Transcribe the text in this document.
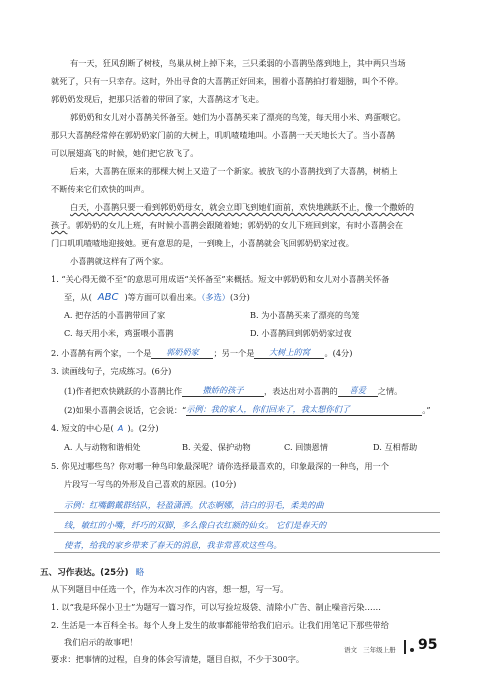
有一天，狂风刮断了树枝，鸟巢从树上掉下来，三只柔弱的小喜鹊坠落到地上，其中两只当场
就死了，只有一只幸存。这时，外出寻食的大喜鹊正好回来，围着小喜鹊拍打着翅膀，叫个不停。
郭奶奶发现后，把那只活着的带回了家，大喜鹊这才飞走。
郭奶奶和女儿对小喜鹊关怀备至。她们为小喜鹊买来了漂亮的鸟笼，每天用小米、鸡蛋喂它。
那只大喜鹊经常停在郭奶奶家门前的大树上，叽叽喳喳地叫。小喜鹊一天天地长大了。当小喜鹊
可以展翅高飞的时候，她们把它放飞了。
后来，大喜鹊在原来的那棵大树上又造了一个新家。被放飞的小喜鹊找到了大喜鹊，树梢上
不断传来它们欢快的叫声。
白天，小喜鹊只要一看到郭奶奶母女，就会立即飞到她们面前，欢快地跳跃不止，像一个撒娇的
孩子。郭奶奶的女儿上班，有时候小喜鹊会跟随着她；郭奶奶的女儿下班回到家，有时小喜鹊会在
门口叽叽喳喳地迎接她。更有意思的是，一到晚上，小喜鹊就会飞回郭奶奶家过夜。
小喜鹊就这样有了两个家。
1. “关心得无微不至”的意思可用成语“关怀备至”来概括。短文中郭奶奶和女儿对小喜鹊关怀备
至，从( ABC )等方面可以看出来。（多选）(3分)
A. 把存活的小喜鹊带回了家	B. 为小喜鹊买来了漂亮的鸟笼
C. 每天用小米，鸡蛋喂小喜鹊	D. 小喜鹊回到郭奶奶家过夜
2. 小喜鹊有两个家，一个是 郭奶奶家 ；另一个是 大树上的窝 。(4分)
3. 读画线句子，完成练习。(6分)
(1)作者把欢快跳跃的小喜鹊比作	撒娇的孩子	，表达出对小喜鹊的 喜爱 之情。
(2)如果小喜鹊会说话，它会说：“示例：我的家人，你们回来了，我太想你们了	。”
4. 短文的中心是( A )。(2分)
A. 人与动物和谐相处	B. 关爱、保护动物	C. 回馈恩情	D. 互相帮助
5. 你见过哪些鸟？你对哪一种鸟印象最深呢？请你选择最喜欢的，印象最深的一种鸟，用一个
片段写一写鸟的外形及自己喜欢的原因。(10分)
示例：红嘴鹳戴群结队，轻盈潇洒。伏态婀娜，洁白的羽毛，柔美的曲
线，敏红的小嘴，纤巧的双脚，多么像白衣红额的仙女。 它们是春天的
使者，给我的家乡带来了春天的消息，我非常喜欢这些鸟。
五、习作表达。(25分) 略
从下列题目中任选一个，作为本次习作的内容，想一想，写一写。
1. 以“我是环保小卫士”为题写一篇习作，可以写捡垃圾袋、清除小广告、制止噪音污染……
2. 生活是一本百科全书。每个人身上发生的故事都能带给我们启示。让我们用笔记下那些带给
我们启示的故事吧！
要求：把事情的过程，自身的体会写清楚，题目自拟，不少于300字。
语文 三年级上册 95
